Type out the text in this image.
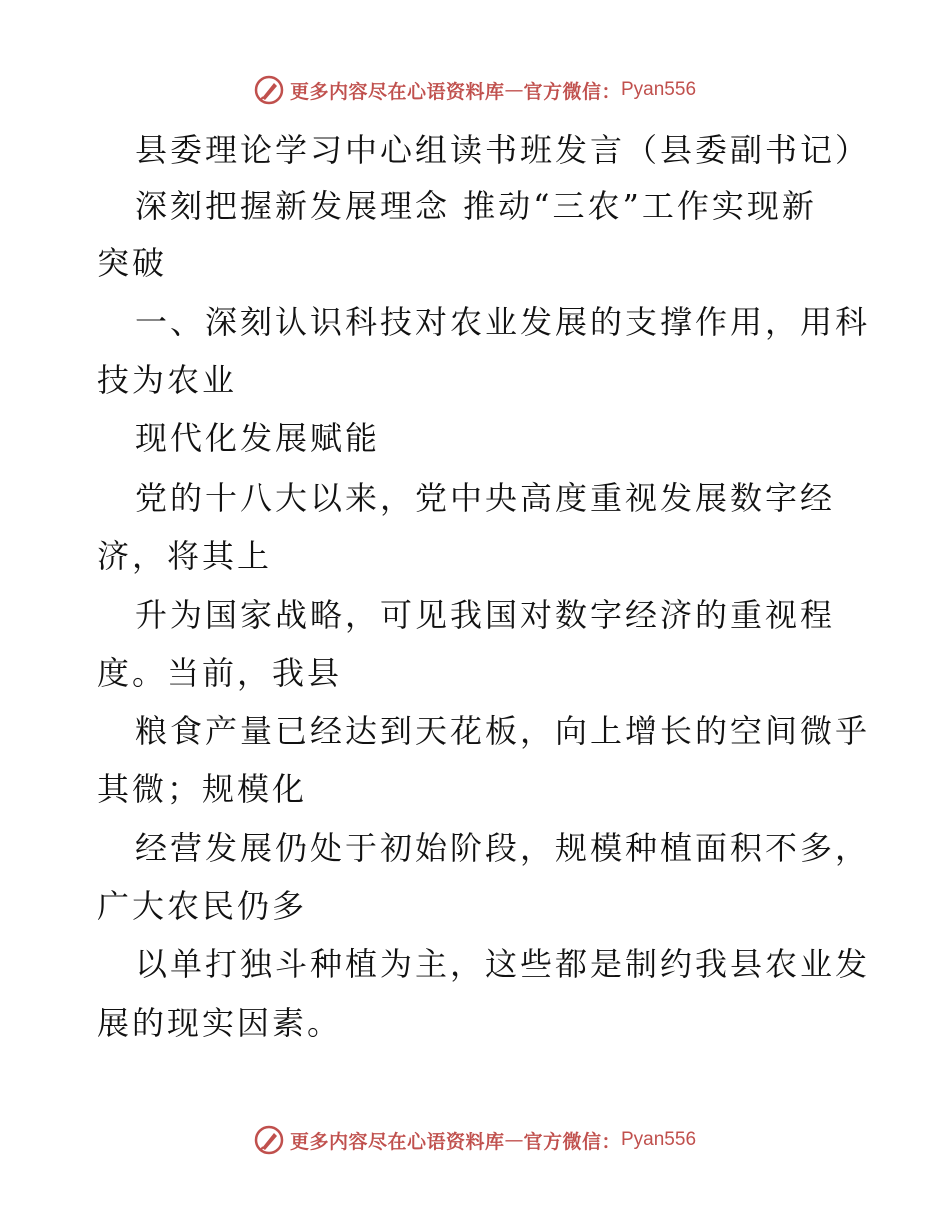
更多内容尽在心语资料库 — 官方微信： Pyan556
县委理论学习中心组读书班发言（县委副书记）
深刻把握新发展理念 推动“三农”工作实现新
突破
一、深刻认识科技对农业发展的支撑作用，用科
技为农业
现代化发展赋能
党的十八大以来，党中央高度重视发展数字经
济，将其上
升为国家战略，可见我国对数字经济的重视程
度。当前，我县
粮食产量已经达到天花板，向上增长的空间微乎
其微；规模化
经营发展仍处于初始阶段，规模种植面积不多，
广大农民仍多
以单打独斗种植为主，这些都是制约我县农业发
展的现实因素。
更多内容尽在心语资料库 — 官方微信： Pyan556
